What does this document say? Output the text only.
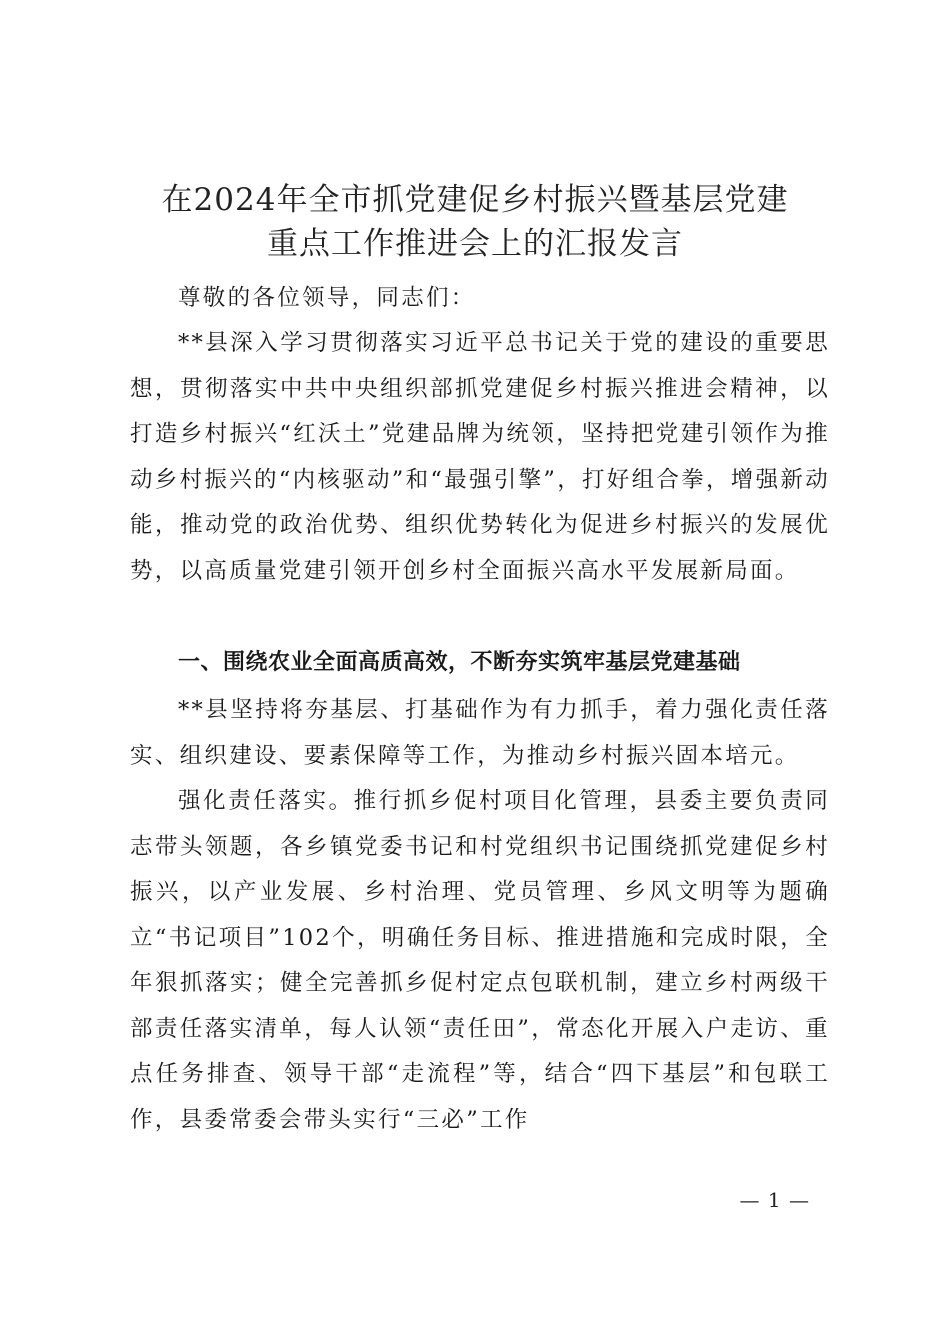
在2024年全市抓党建促乡村振兴暨基层党建
重点工作推进会上的汇报发言
尊敬的各位领导，同志们：
**县深入学习贯彻落实习近平总书记关于党的建设的重要思想，贯彻落实中共中央组织部抓党建促乡村振兴推进会精神，以打造乡村振兴“红沃土”党建品牌为统领，坚持把党建引领作为推动乡村振兴的“内核驱动”和“最强引擎”，打好组合拳，增强新动能，推动党的政治优势、组织优势转化为促进乡村振兴的发展优势，以高质量党建引领开创乡村全面振兴高水平发展新局面。
一、围绕农业全面高质高效，不断夯实筑牢基层党建基础
**县坚持将夯基层、打基础作为有力抓手，着力强化责任落实、组织建设、要素保障等工作，为推动乡村振兴固本培元。
强化责任落实。推行抓乡促村项目化管理，县委主要负责同志带头领题，各乡镇党委书记和村党组织书记围绕抓党建促乡村振兴，以产业发展、乡村治理、党员管理、乡风文明等为题确立“书记项目”102个，明确任务目标、推进措施和完成时限，全年狠抓落实；健全完善抓乡促村定点包联机制，建立乡村两级干部责任落实清单，每人认领“责任田”，常态化开展入户走访、重点任务排查、领导干部“走流程”等，结合“四下基层”和包联工作，县委常委会带头实行“三必”工作
— 1 —
